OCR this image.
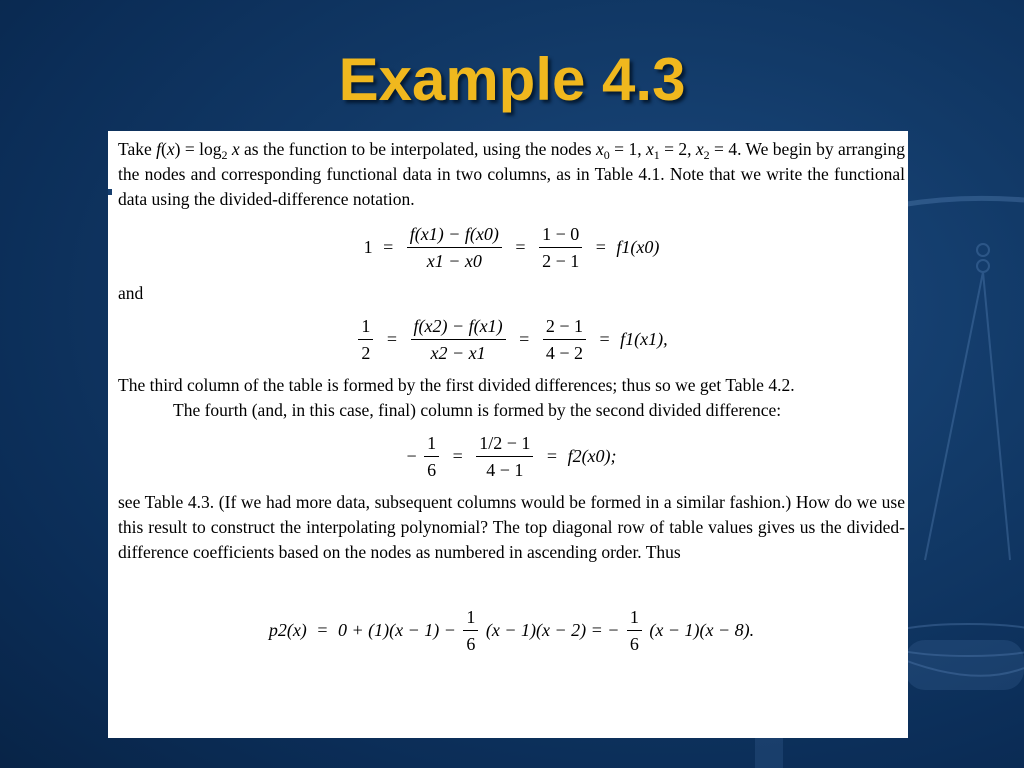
Example 4.3

Take $f(x) = \log_2 x$ as the function to be interpolated, using the nodes $x_0 = 1$, $x_1 = 2$, $x_2 = 4$. We begin by arranging the nodes and corresponding functional data in two columns, as in Table 4.1. Note that we write the functional data using the divided-difference notation.

$1 = \frac{f(x1) - f(x0)}{x1 - x0} = \frac{1 - 0}{2 - 1} = f1(x0)$

and

$\frac{1}{2} = \frac{f(x2) - f(x1)}{x2 - x1} = \frac{2 - 1}{4 - 2} = f1(x1)$,

The third column of the table is formed by the first divided differences; thus so we get Table 4.2.

The fourth (and, in this case, final) column is formed by the second divided difference:

− $\frac{1}{6} = \frac{1/2 - 1}{4 - 1} = f2(x0)$;

see Table 4.3. (If we had more data, subsequent columns would be formed in a similar fashion.) How do we use this result to construct the interpolating polynomial? The top diagonal row of table values gives us the divided-difference coefficients based on the nodes as numbered in ascending order. Thus

$p2(x) = 0 + (1)(x - 1) - \frac{1}{6} (x - 1)(x - 2)$ = − $\frac{1}{6} (x - 1)(x - 8)$.
